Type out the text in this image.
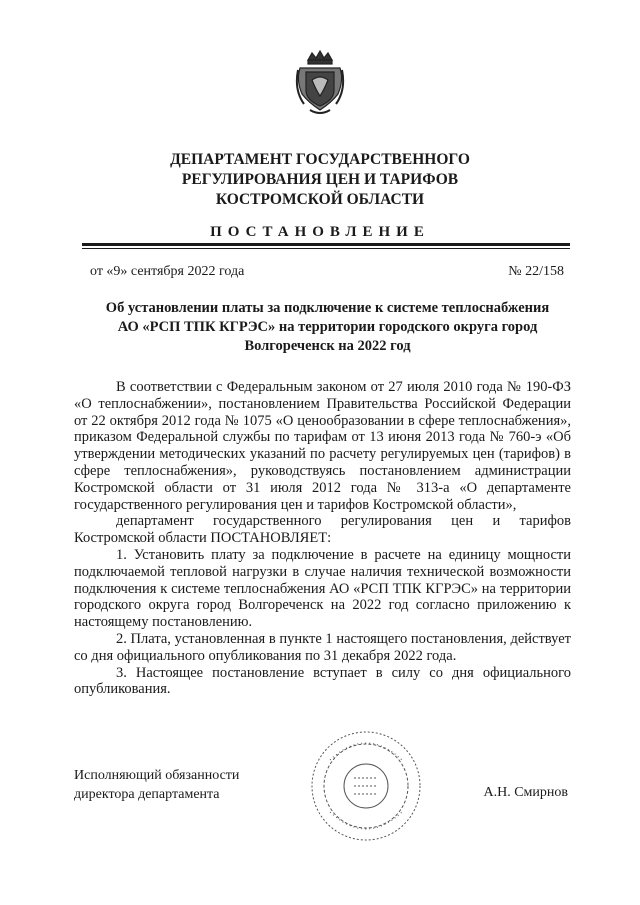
ДЕПАРТАМЕНТ ГОСУДАРСТВЕННОГО
РЕГУЛИРОВАНИЯ ЦЕН И ТАРИФОВ
КОСТРОМСКОЙ ОБЛАСТИ
ПОСТАНОВЛЕНИЕ
от «9» сентября 2022 года	№ 22/158
Об установлении платы за подключение к системе теплоснабжения
АО «РСП ТПК КГРЭС» на территории городского округа город
Волгореченск на 2022 год

В соответствии с Федеральным законом от 27 июля 2010 года № 190-ФЗ «О теплоснабжении», постановлением Правительства Российской Федерации от 22 октября 2012 года № 1075 «О ценообразовании в сфере теплоснабжения», приказом Федеральной службы по тарифам от 13 июня 2013 года № 760-э «Об утверждении методических указаний по расчету регулируемых цен (тарифов) в сфере теплоснабжения», руководствуясь постановлением администрации Костромской области от 31 июля 2012 года № 313-а «О департаменте государственного регулирования цен и тарифов Костромской области»,

департамент государственного регулирования цен и тарифов Костромской области ПОСТАНОВЛЯЕТ:

1. Установить плату за подключение в расчете на единицу мощности подключаемой тепловой нагрузки в случае наличия технической возможности подключения к системе теплоснабжения АО «РСП ТПК КГРЭС» на территории городского округа город Волгореченск на 2022 год согласно приложению к настоящему постановлению.

2. Плата, установленная в пункте 1 настоящего постановления, действует со дня официального опубликования по 31 декабря 2022 года.

3. Настоящее постановление вступает в силу со дня официального опубликования.

Исполняющий обязанности
директора департамента	А.Н. Смирнов
